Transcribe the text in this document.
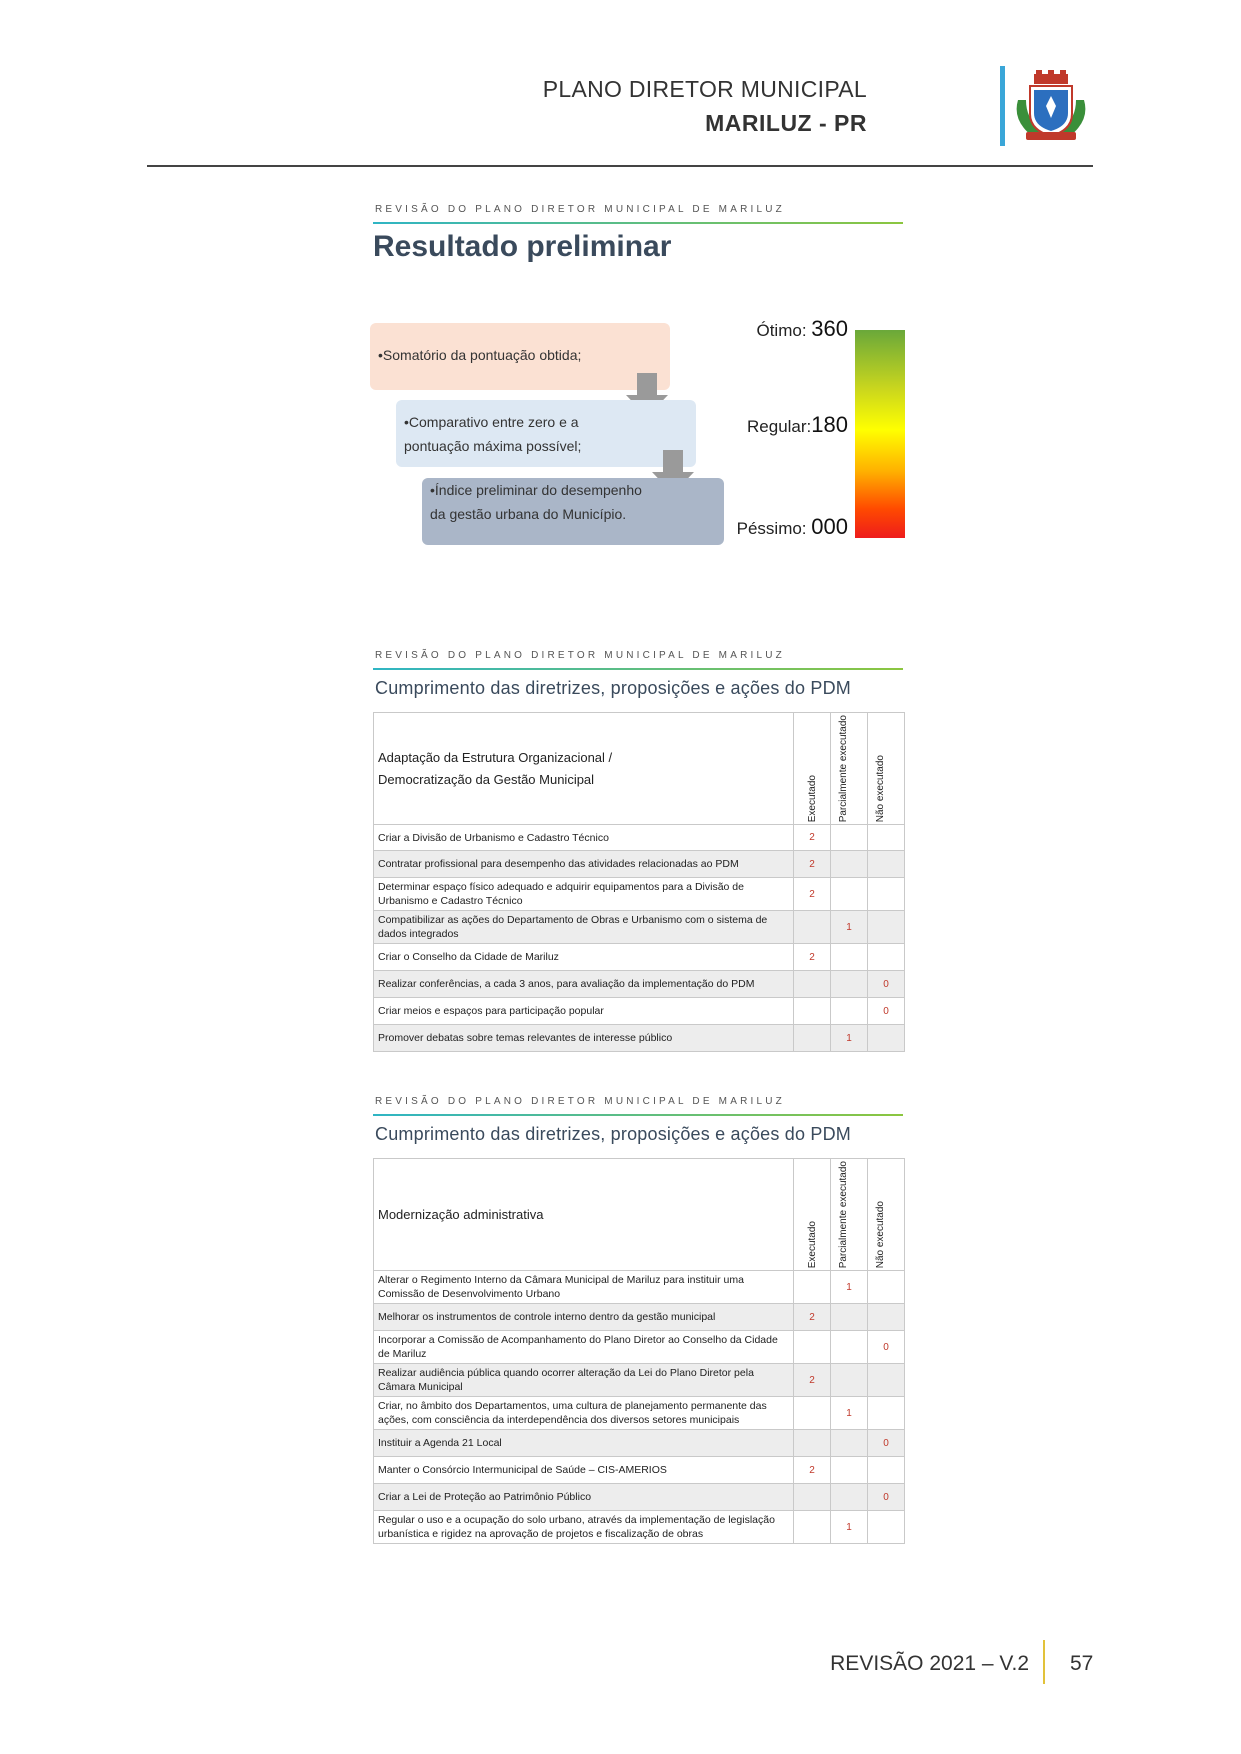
PLANO DIRETOR MUNICIPAL
MARILUZ - PR
REVISÃO DO PLANO DIRETOR MUNICIPAL DE MARILUZ
Resultado preliminar
•Somatório da pontuação obtida;
•Comparativo entre zero e a pontuação máxima possível;
•Índice preliminar do desempenho da gestão urbana do Município.
Ótimo: 360
Regular:180
Péssimo: 000
REVISÃO DO PLANO DIRETOR MUNICIPAL DE MARILUZ
Cumprimento das diretrizes, proposições e ações do PDM
Adaptação da Estrutura Organizacional / Democratização da Gestão Municipal	Executado	Parcialmente executado	Não executado

Criar a Divisão de Urbanismo e Cadastro Técnico	2		
Contratar profissional para desempenho das atividades relacionadas ao PDM	2		
Determinar espaço físico adequado e adquirir equipamentos para a Divisão de Urbanismo e Cadastro Técnico	2		
Compatibilizar as ações do Departamento de Obras e Urbanismo com o sistema de dados integrados		1	
Criar o Conselho da Cidade de Mariluz	2		
Realizar conferências, a cada 3 anos, para avaliação da implementação do PDM			0
Criar meios e espaços para participação popular			0
Promover debatas sobre temas relevantes de interesse público		1	
REVISÃO DO PLANO DIRETOR MUNICIPAL DE MARILUZ
Cumprimento das diretrizes, proposições e ações do PDM
Modernização administrativa	Executado	Parcialmente executado	Não executado

Alterar o Regimento Interno da Câmara Municipal de Mariluz para instituir uma Comissão de Desenvolvimento Urbano		1	
Melhorar os instrumentos de controle interno dentro da gestão municipal	2		
Incorporar a Comissão de Acompanhamento do Plano Diretor ao Conselho da Cidade de Mariluz			0
Realizar audiência pública quando ocorrer alteração da Lei do Plano Diretor pela Câmara Municipal	2		
Criar, no âmbito dos Departamentos, uma cultura de planejamento permanente das ações, com consciência da interdependência dos diversos setores municipais		1	
Instituir a Agenda 21 Local			0
Manter o Consórcio Intermunicipal de Saúde – CIS-AMERIOS	2		
Criar a Lei de Proteção ao Patrimônio Público			0
Regular o uso e a ocupação do solo urbano, através da implementação de legislação urbanística e rigidez na aprovação de projetos e fiscalização de obras		1	
REVISÃO 2021 – V.2 57
